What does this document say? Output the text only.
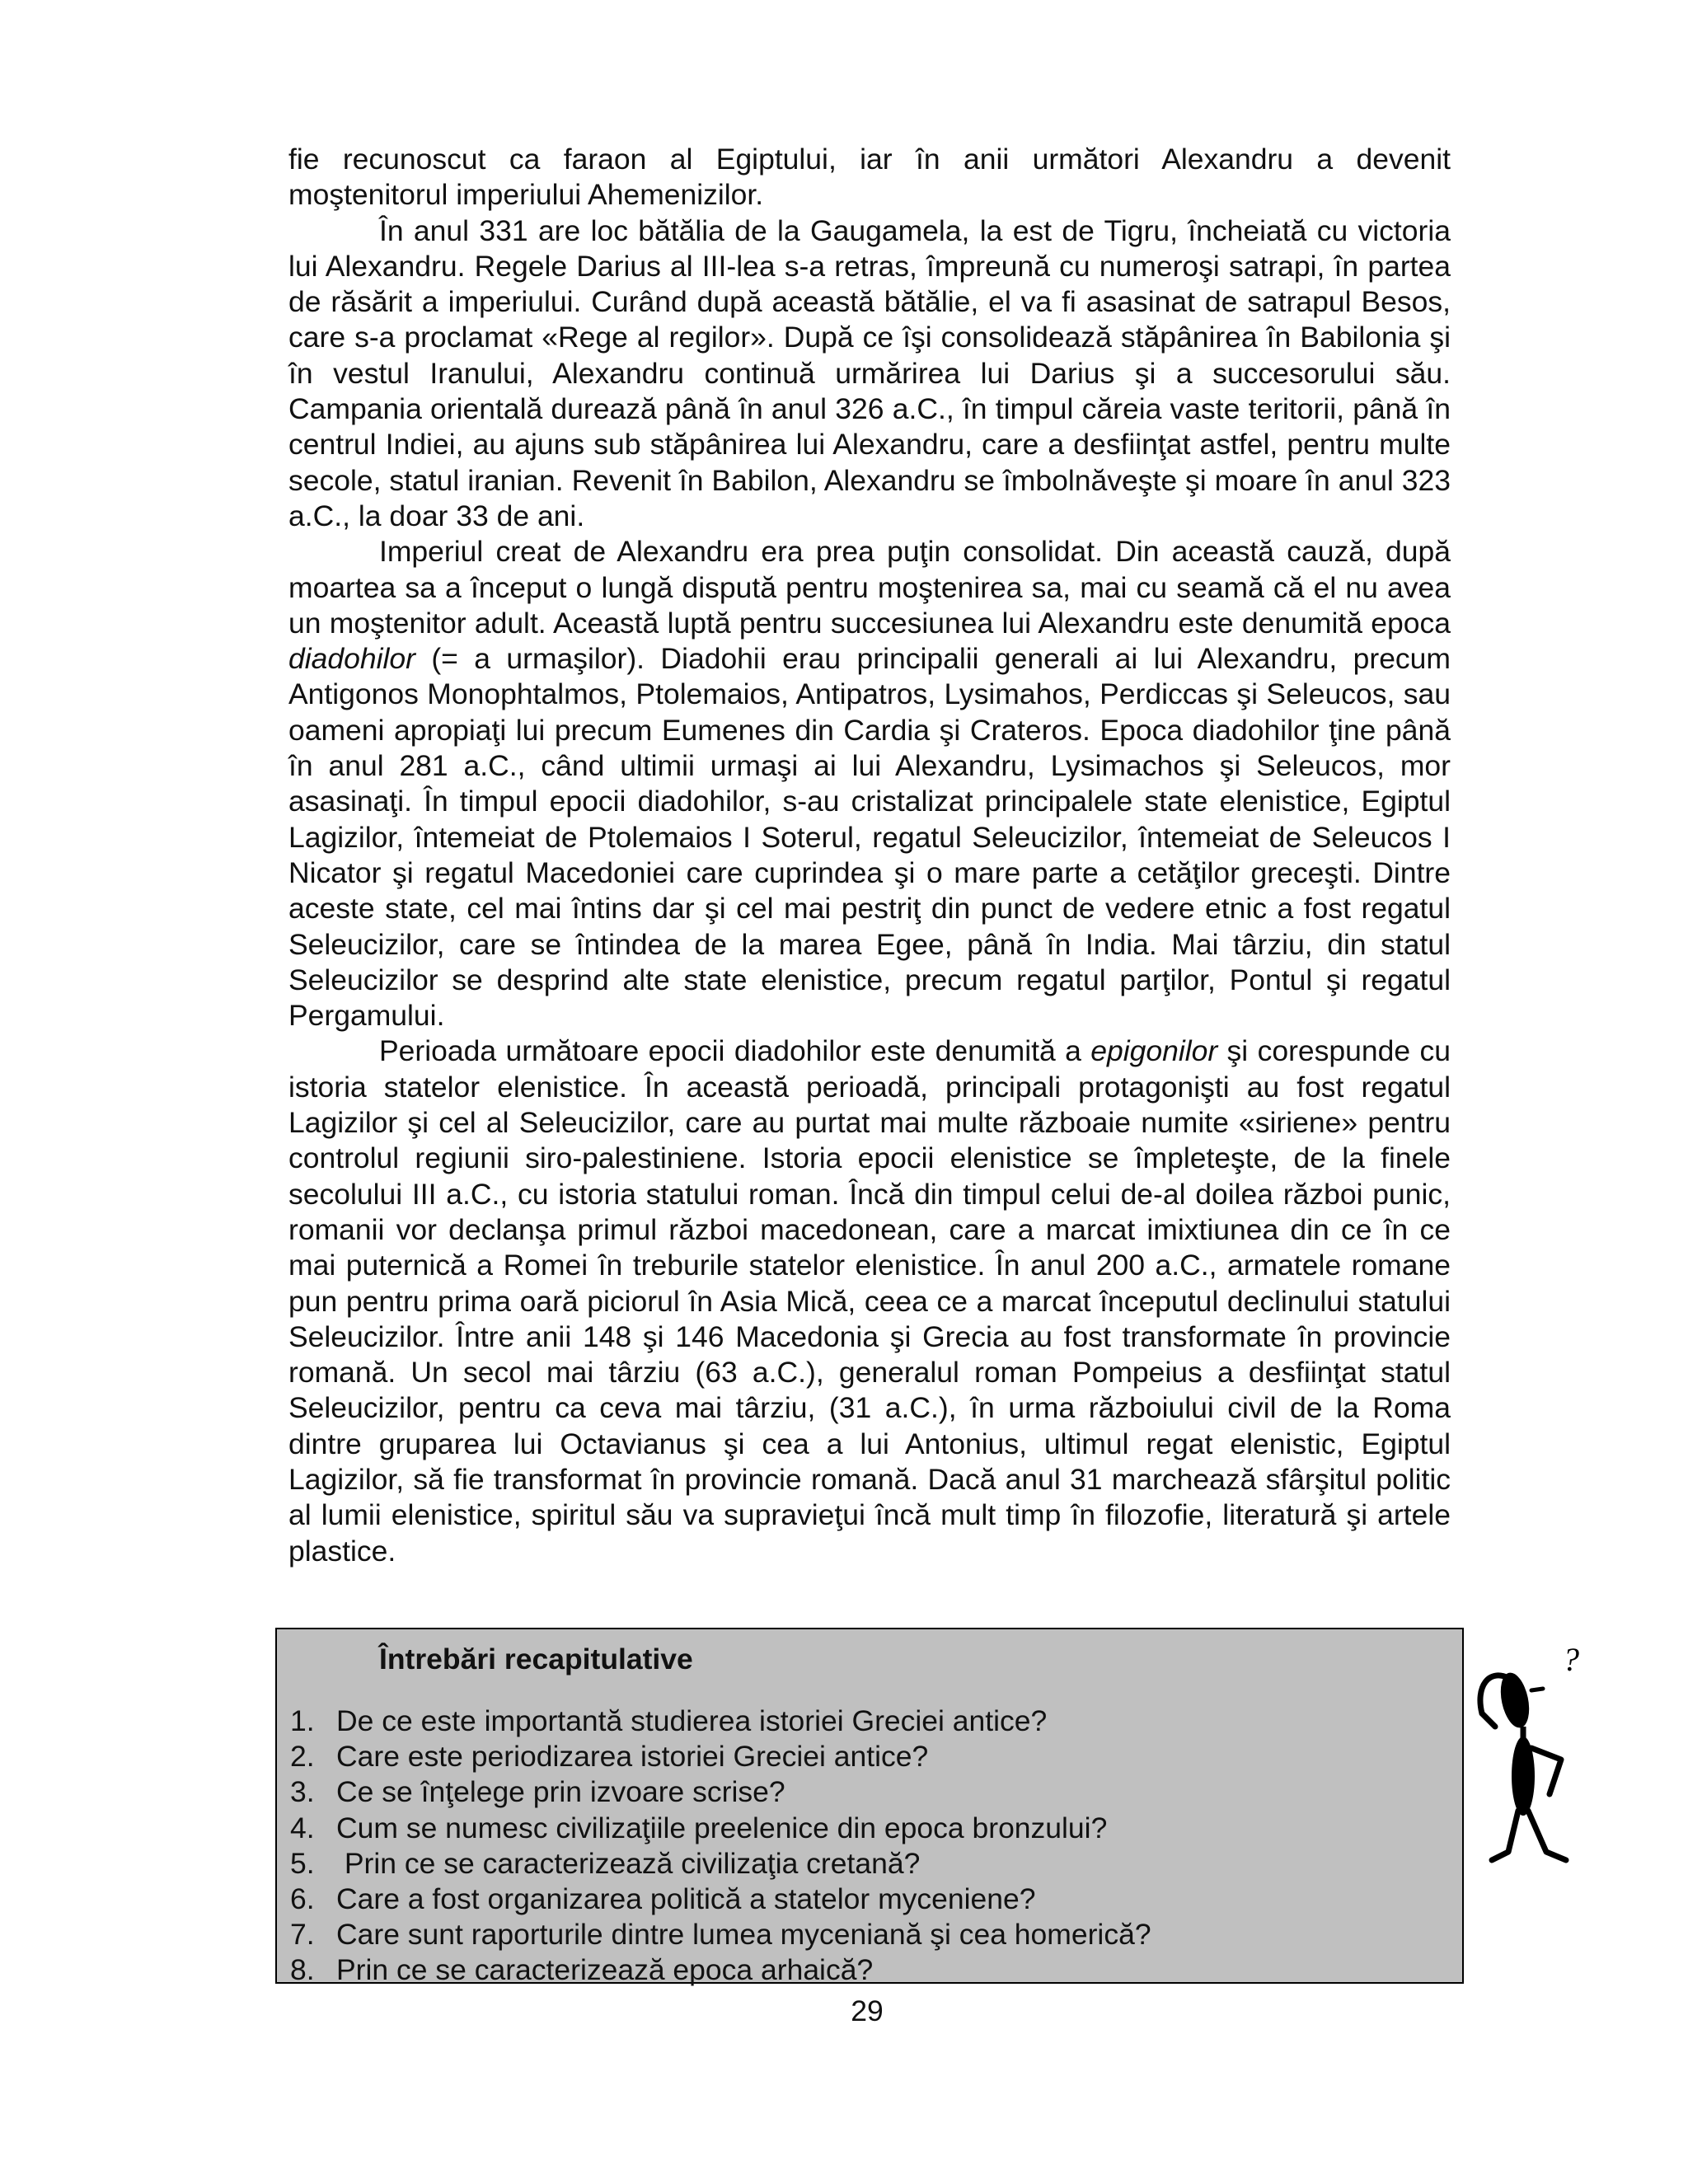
fie recunoscut ca faraon al Egiptului, iar în anii următori Alexandru a devenit

moştenitorul imperiului Ahemenizilor.

În anul 331 are loc bătălia de la Gaugamela, la est de Tigru, încheiată cu victoria lui Alexandru. Regele Darius al III-lea s-a retras, împreună cu numeroşi satrapi, în partea de răsărit a imperiului. Curând după această bătălie, el va fi asasinat de satrapul Besos, care s-a proclamat «Rege al regilor». După ce îşi consolidează stăpânirea în Babilonia şi în vestul Iranului, Alexandru continuă urmărirea lui Darius şi a succesorului său. Campania orientală durează până în anul 326 a.C., în timpul căreia vaste teritorii, până în centrul Indiei, au ajuns sub stăpânirea lui Alexandru, care a desfiinţat astfel, pentru multe secole, statul iranian. Revenit în Babilon, Alexandru se îmbolnăveşte şi moare în anul 323 a.C., la doar 33 de ani.

Imperiul creat de Alexandru era prea puţin consolidat. Din această cauză, după moartea sa a început o lungă dispută pentru moştenirea sa, mai cu seamă că el nu avea un moştenitor adult. Această luptă pentru succesiunea lui Alexandru este denumită epoca diadohilor (= a urmaşilor). Diadohii erau principalii generali ai lui Alexandru, precum Antigonos Monophtalmos, Ptolemaios, Antipatros, Lysimahos, Perdiccas şi Seleucos, sau oameni apropiaţi lui precum Eumenes din Cardia şi Crateros. Epoca diadohilor ţine până în anul 281 a.C., când ultimii urmaşi ai lui Alexandru, Lysimachos şi Seleucos, mor asasinaţi. În timpul epocii diadohilor, s-au cristalizat principalele state elenistice, Egiptul Lagizilor, întemeiat de Ptolemaios I Soterul, regatul Seleucizilor, întemeiat de Seleucos I Nicator şi regatul Macedoniei care cuprindea şi o mare parte a cetăţilor greceşti. Dintre aceste state, cel mai întins dar şi cel mai pestriţ din punct de vedere etnic a fost regatul Seleucizilor, care se întindea de la marea Egee, până în India. Mai târziu, din statul Seleucizilor se desprind alte state elenistice, precum regatul parţilor, Pontul şi regatul Pergamului.

Perioada următoare epocii diadohilor este denumită a epigonilor şi corespunde cu istoria statelor elenistice. În această perioadă, principali protagonişti au fost regatul Lagizilor şi cel al Seleucizilor, care au purtat mai multe războaie numite «siriene» pentru controlul regiunii siro-palestiniene. Istoria epocii elenistice se împleteşte, de la finele secolului III a.C., cu istoria statului roman. Încă din timpul celui de-al doilea război punic, romanii vor declanşa primul război macedonean, care a marcat imixtiunea din ce în ce mai puternică a Romei în treburile statelor elenistice. În anul 200 a.C., armatele romane pun pentru prima oară piciorul în Asia Mică, ceea ce a marcat începutul declinului statului Seleucizilor. Între anii 148 şi 146 Macedonia şi Grecia au fost transformate în provincie romană. Un secol mai târziu (63 a.C.), generalul roman Pompeius a desfiinţat statul Seleucizilor, pentru ca ceva mai târziu, (31 a.C.), în urma războiului civil de la Roma dintre gruparea lui Octavianus şi cea a lui Antonius, ultimul regat elenistic, Egiptul Lagizilor, să fie transformat în provincie romană. Dacă anul 31 marchează sfârşitul politic al lumii elenistice, spiritul său va supravieţui încă mult timp în filozofie, literatură şi artele plastice.

Întrebări recapitulative
1. De ce este importantă studierea istoriei Greciei antice?
2. Care este periodizarea istoriei Greciei antice?
3. Ce se înţelege prin izvoare scrise?
4. Cum se numesc civilizaţiile preelenice din epoca bronzului?
5. Prin ce se caracterizează civilizaţia cretană?
6. Care a fost organizarea politică a statelor myceniene?
7. Care sunt raporturile dintre lumea myceniană şi cea homerică?
8. Prin ce se caracterizează epoca arhaică?
?
29
